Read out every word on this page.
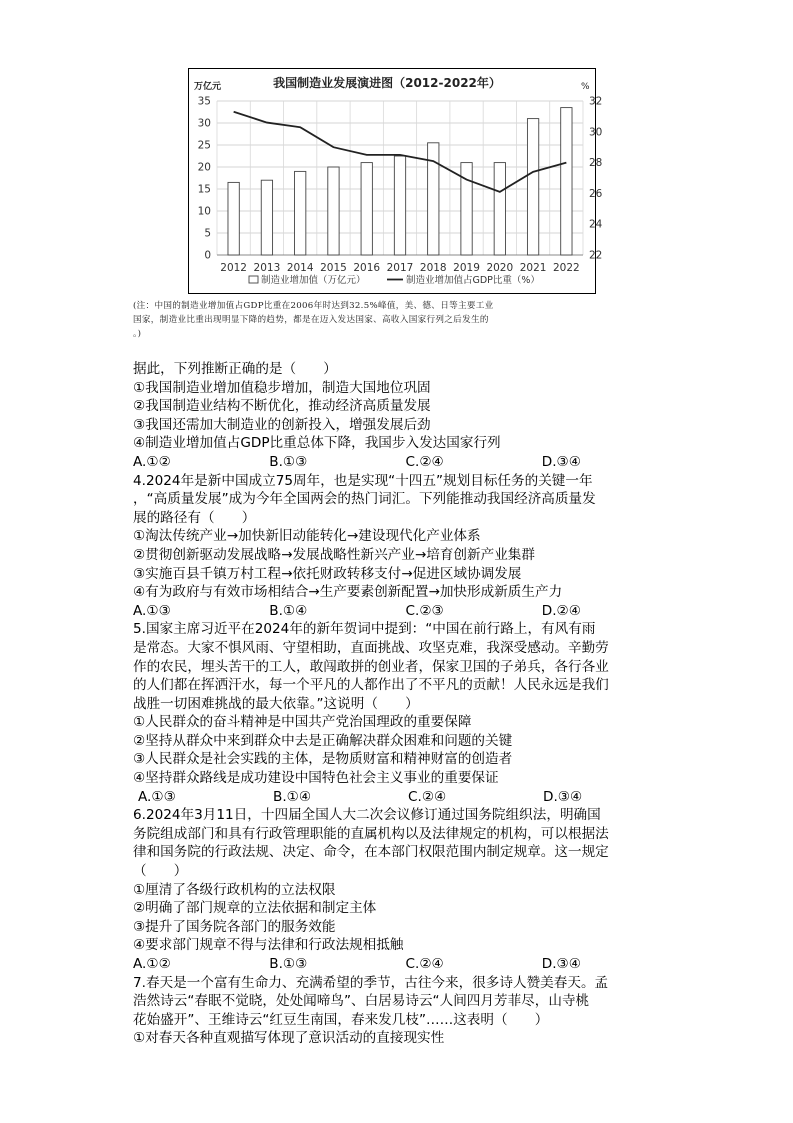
我国制造业发展演进图（2012-2022年）
万亿元	%
35
30
25
20
15
10
5
0
32
30
28
26
24
22
2012 2013 2014 2015 2016 2017 2018 2019 2020 2021 2022
制造业增加值（万亿元）	制造业增加值占GDP比重（%）
(注：中国的制造业增加值占GDP比重在2006年时达到32.5%峰值，美、德、日等主要工业
国家，制造业比重出现明显下降的趋势，都是在迈入发达国家、高收入国家行列之后发生的
。)
据此，下列推断正确的是（　　）
①我国制造业增加值稳步增加，制造大国地位巩固
②我国制造业结构不断优化，推动经济高质量发展
③我国还需加大制造业的创新投入，增强发展后劲
④制造业增加值占GDP比重总体下降，我国步入发达国家行列
A.①②	B.①③	C.②④	D.③④
4.2024年是新中国成立75周年，也是实现“十四五”规划目标任务的关键一年
，“高质量发展”成为今年全国两会的热门词汇。下列能推动我国经济高质量发
展的路径有（　　）
①淘汰传统产业→加快新旧动能转化→建设现代化产业体系
②贯彻创新驱动发展战略→发展战略性新兴产业→培育创新产业集群
③实施百县千镇万村工程→依托财政转移支付→促进区域协调发展
④有为政府与有效市场相结合→生产要素创新配置→加快形成新质生产力
A.①③	B.①④	C.②③	D.②④
5.国家主席习近平在2024年的新年贺词中提到：“中国在前行路上，有风有雨
是常态。大家不惧风雨、守望相助，直面挑战、攻坚克难，我深受感动。辛勤劳
作的农民，埋头苦干的工人，敢闯敢拼的创业者，保家卫国的子弟兵，各行各业
的人们都在挥洒汗水，每一个平凡的人都作出了不平凡的贡献！人民永远是我们
战胜一切困难挑战的最大依靠。”这说明（　　）
①人民群众的奋斗精神是中国共产党治国理政的重要保障
②坚持从群众中来到群众中去是正确解决群众困难和问题的关键
③人民群众是社会实践的主体，是物质财富和精神财富的创造者
④坚持群众路线是成功建设中国特色社会主义事业的重要保证
A.①③	B.①④	C.②④	D.③④
6.2024年3月11日，十四届全国人大二次会议修订通过国务院组织法，明确国
务院组成部门和具有行政管理职能的直属机构以及法律规定的机构，可以根据法
律和国务院的行政法规、决定、命令，在本部门权限范围内制定规章。这一规定
（　　）
①厘清了各级行政机构的立法权限
②明确了部门规章的立法依据和制定主体
③提升了国务院各部门的服务效能
④要求部门规章不得与法律和行政法规相抵触
A.①②	B.①③	C.②④	D.③④
7.春天是一个富有生命力、充满希望的季节，古往今来，很多诗人赞美春天。孟
浩然诗云“春眠不觉晓，处处闻啼鸟”、白居易诗云“人间四月芳菲尽，山寺桃
花始盛开”、王维诗云“红豆生南国，春来发几枝”……这表明（　　）
①对春天各种直观描写体现了意识活动的直接现实性
